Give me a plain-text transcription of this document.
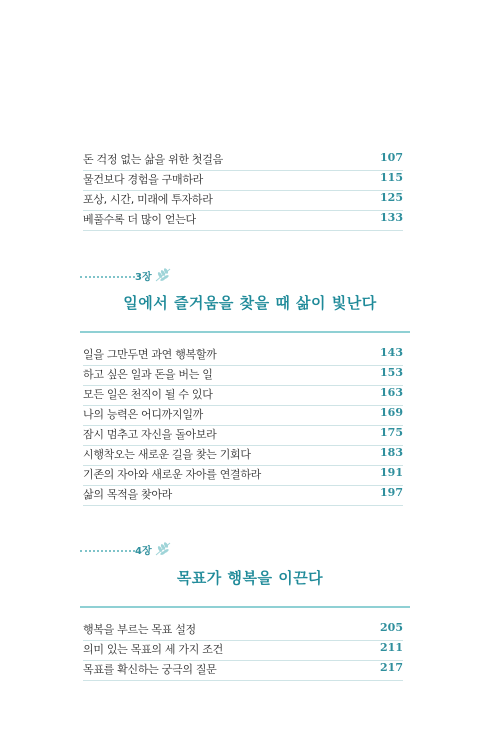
돈 걱정 없는 삶을 위한 첫걸음	107
물건보다 경험을 구매하라	115
포상, 시간, 미래에 투자하라	125
베풀수록 더 많이 얻는다	133
3장
일에서 즐거움을 찾을 때 삶이 빛난다
일을 그만두면 과연 행복할까	143
하고 싶은 일과 돈을 버는 일	153
모든 일은 천직이 될 수 있다	163
나의 능력은 어디까지일까	169
잠시 멈추고 자신을 돌아보라	175
시행착오는 새로운 길을 찾는 기회다	183
기존의 자아와 새로운 자아를 연결하라	191
삶의 목적을 찾아라	197
4장
목표가 행복을 이끈다
행복을 부르는 목표 설정	205
의미 있는 목표의 세 가지 조건	211
목표를 확신하는 궁극의 질문	217
